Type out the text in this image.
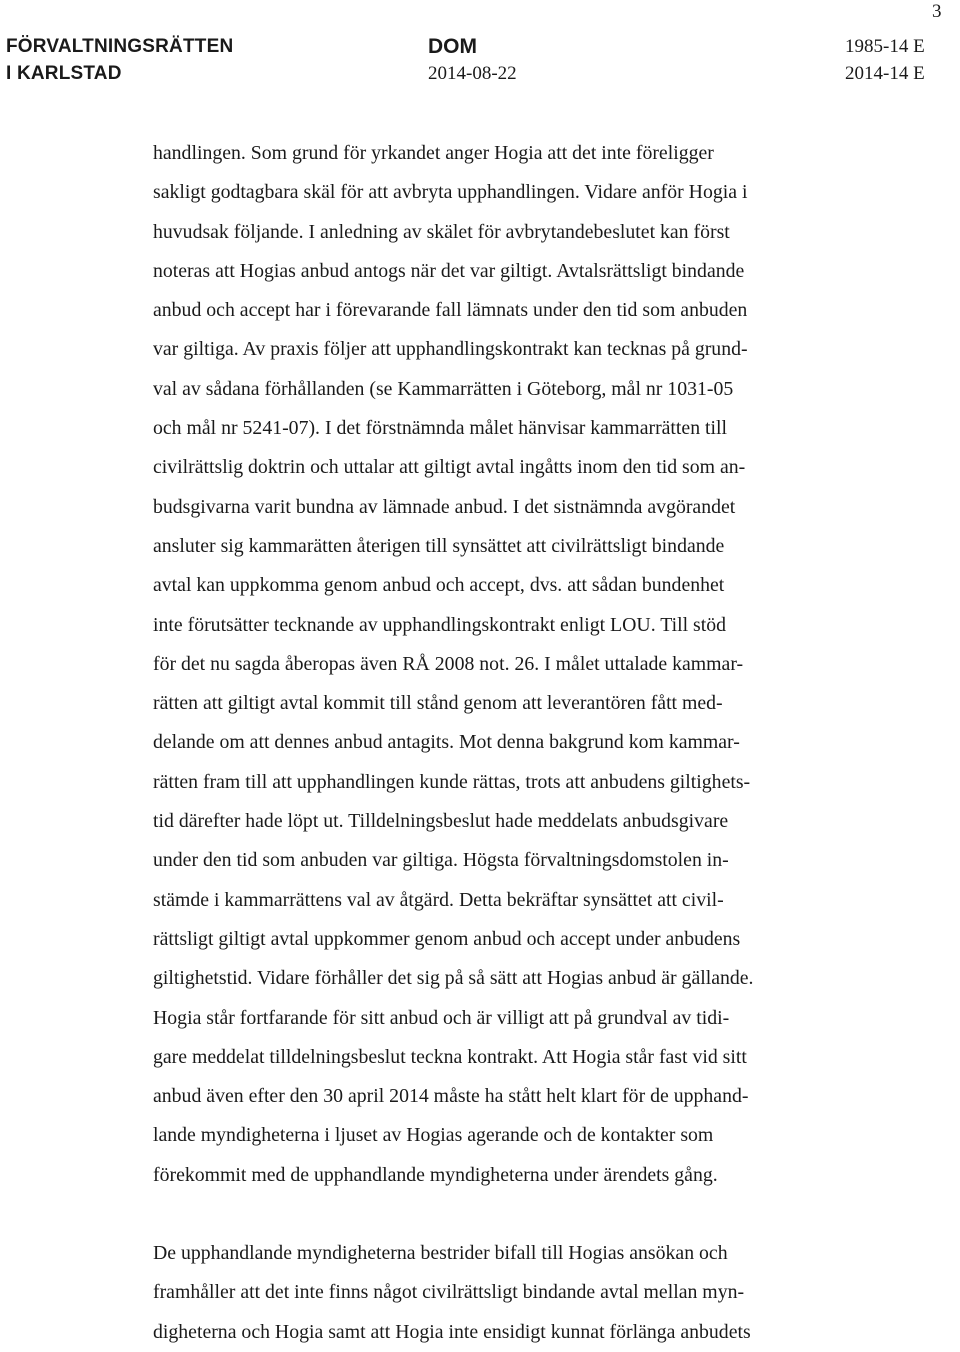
3
FÖRVALTNINGSRÄTTEN
I KARLSTAD
DOM
2014-08-22
1985-14 E
2014-14 E
handlingen. Som grund för yrkandet anger Hogia att det inte föreligger
sakligt godtagbara skäl för att avbryta upphandlingen. Vidare anför Hogia i
huvudsak följande. I anledning av skälet för avbrytandebeslutet kan först
noteras att Hogias anbud antogs när det var giltigt. Avtalsrättsligt bindande
anbud och accept har i förevarande fall lämnats under den tid som anbuden
var giltiga. Av praxis följer att upphandlingskontrakt kan tecknas på grund-
val av sådana förhållanden (se Kammarrätten i Göteborg, mål nr 1031-05
och mål nr 5241-07). I det förstnämnda målet hänvisar kammarrätten till
civilrättslig doktrin och uttalar att giltigt avtal ingåtts inom den tid som an-
budsgivarna varit bundna av lämnade anbud. I det sistnämnda avgörandet
ansluter sig kammarätten återigen till synsättet att civilrättsligt bindande
avtal kan uppkomma genom anbud och accept, dvs. att sådan bundenhet
inte förutsätter tecknande av upphandlingskontrakt enligt LOU. Till stöd
för det nu sagda åberopas även RÅ 2008 not. 26. I målet uttalade kammar-
rätten att giltigt avtal kommit till stånd genom att leverantören fått med-
delande om att dennes anbud antagits. Mot denna bakgrund kom kammar-
rätten fram till att upphandlingen kunde rättas, trots att anbudens giltighets-
tid därefter hade löpt ut. Tilldelningsbeslut hade meddelats anbudsgivare
under den tid som anbuden var giltiga. Högsta förvaltningsdomstolen in-
stämde i kammarrättens val av åtgärd. Detta bekräftar synsättet att civil-
rättsligt giltigt avtal uppkommer genom anbud och accept under anbudens
giltighetstid. Vidare förhåller det sig på så sätt att Hogias anbud är gällande.
Hogia står fortfarande för sitt anbud och är villigt att på grundval av tidi-
gare meddelat tilldelningsbeslut teckna kontrakt. Att Hogia står fast vid sitt
anbud även efter den 30 april 2014 måste ha stått helt klart för de upphand-
lande myndigheterna i ljuset av Hogias agerande och de kontakter som
förekommit med de upphandlande myndigheterna under ärendets gång.
De upphandlande myndigheterna bestrider bifall till Hogias ansökan och
framhåller att det inte finns något civilrättsligt bindande avtal mellan myn-
digheterna och Hogia samt att Hogia inte ensidigt kunnat förlänga anbudets
